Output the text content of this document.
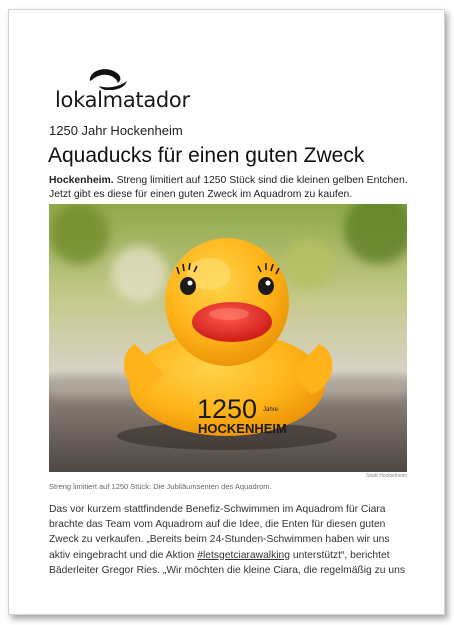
lokalmatador
1250 Jahr Hockenheim
Aquaducks für einen guten Zweck
Hockenheim. Streng limitiert auf 1250 Stück sind die kleinen gelben Entchen. Jetzt gibt es diese für einen guten Zweck im Aquadrom zu kaufen.
1250 Jahre
HOCKENHEIM
Stadt Hockenheim
Streng limitiert auf 1250 Stück: Die Jubiläumsenten des Aquadrom.
Das vor kurzem stattfindende Benefiz-Schwimmen im Aquadrom für Ciara brachte das Team vom Aquadrom auf die Idee, die Enten für diesen guten Zweck zu verkaufen. „Bereits beim 24-Stunden-Schwimmen haben wir uns aktiv eingebracht und die Aktion #letsgetciarawalking unterstützt“, berichtet Bäderleiter Gregor Ries. „Wir möchten die kleine Ciara, die regelmäßig zu uns
